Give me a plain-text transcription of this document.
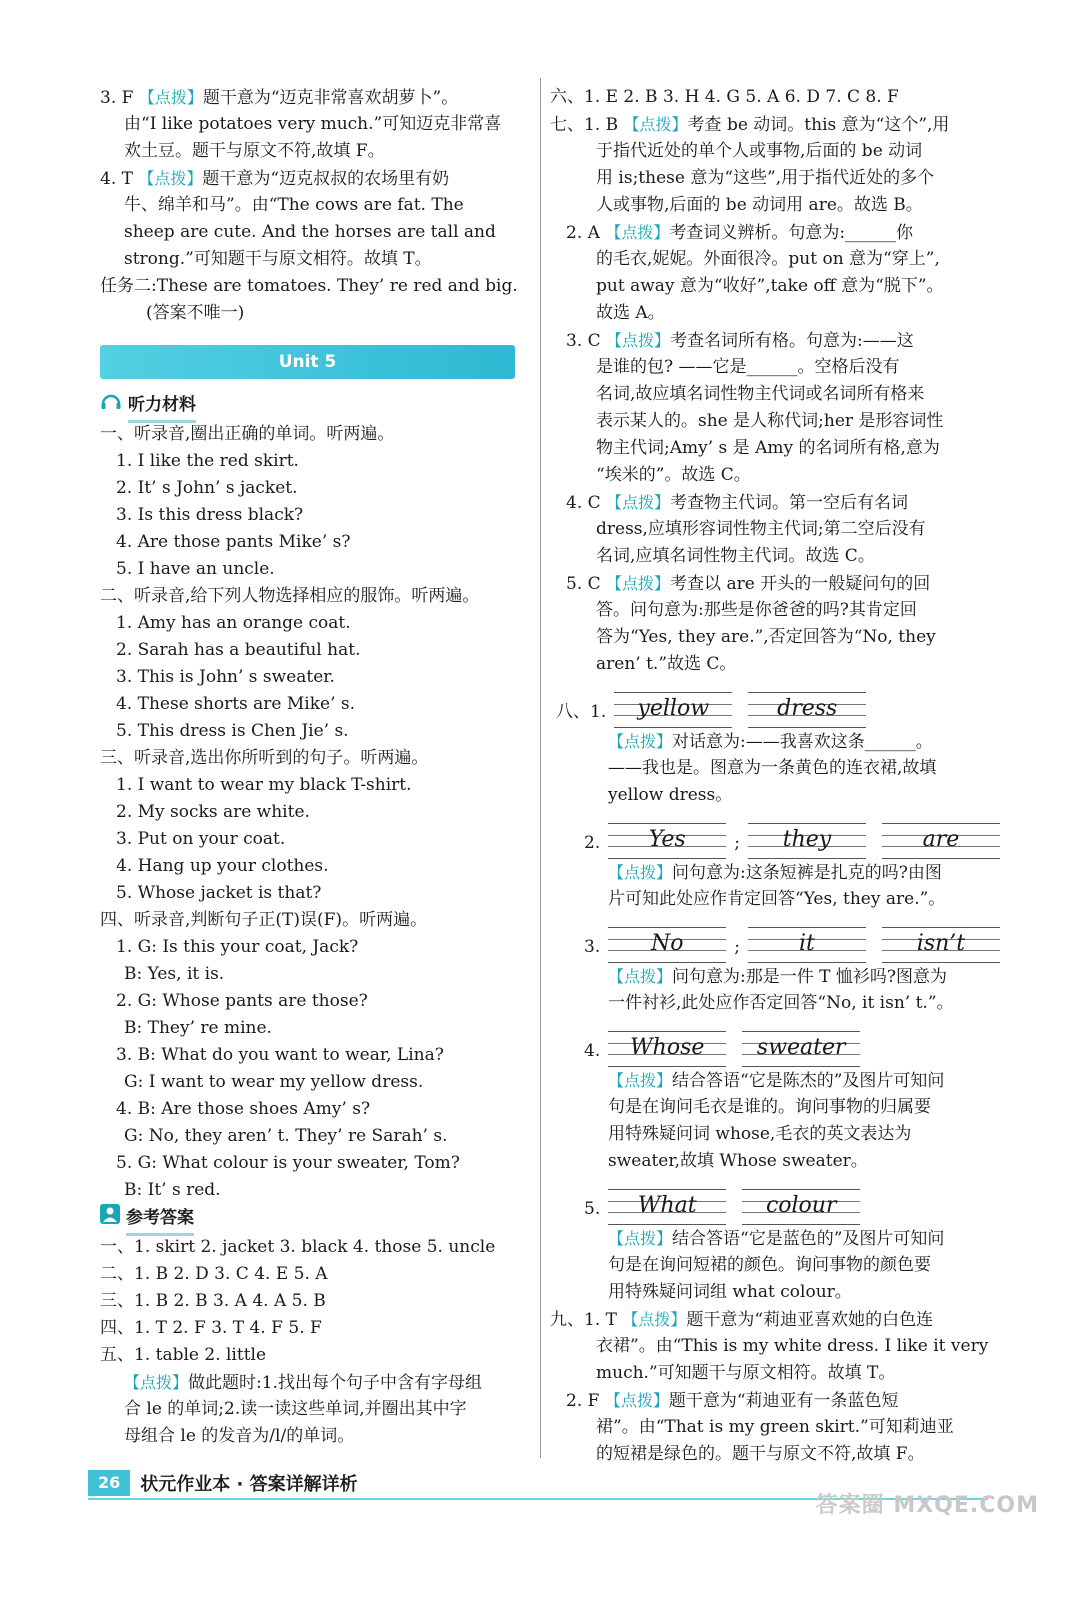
3. F 【点拨】题干意为“迈克非常喜欢胡萝卜”。
由“I like potatoes very much.”可知迈克非常喜
欢土豆。题干与原文不符,故填 F。
4. T 【点拨】题干意为“迈克叔叔的农场里有奶
牛、绵羊和马”。由“The cows are fat. The
sheep are cute. And the horses are tall and
strong.”可知题干与原文相符。故填 T。
任务二:These are tomatoes. They’ re red and big.
(答案不唯一)
Unit 5
听力材料
一、听录音,圈出正确的单词。听两遍。
1. I like the red skirt.
2. It’ s John’ s jacket.
3. Is this dress black?
4. Are those pants Mike’ s?
5. I have an uncle.
二、听录音,给下列人物选择相应的服饰。听两遍。
1. Amy has an orange coat.
2. Sarah has a beautiful hat.
3. This is John’ s sweater.
4. These shorts are Mike’ s.
5. This dress is Chen Jie’ s.
三、听录音,选出你所听到的句子。听两遍。
1. I want to wear my black T-shirt.
2. My socks are white.
3. Put on your coat.
4. Hang up your clothes.
5. Whose jacket is that?
四、听录音,判断句子正(T)误(F)。听两遍。
1. G: Is this your coat, Jack?
B: Yes, it is.
2. G: Whose pants are those?
B: They’ re mine.
3. B: What do you want to wear, Lina?
G: I want to wear my yellow dress.
4. B: Are those shoes Amy’ s?
G: No, they aren’ t. They’ re Sarah’ s.
5. G: What colour is your sweater, Tom?
B: It’ s red.
参考答案
一、1. skirt 2. jacket 3. black 4. those 5. uncle
二、1. B 2. D 3. C 4. E 5. A
三、1. B 2. B 3. A 4. A 5. B
四、1. T 2. F 3. T 4. F 5. F
五、1. table 2. little
【点拨】做此题时:1.找出每个句子中含有字母组
合 le 的单词;2.读一读这些单词,并圈出其中字
母组合 le 的发音为/l/的单词。
六、1. E 2. B 3. H 4. G 5. A 6. D 7. C 8. F
七、1. B 【点拨】考查 be 动词。this 意为“这个”,用
于指代近处的单个人或事物,后面的 be 动词
用 is;these 意为“这些”,用于指代近处的多个
人或事物,后面的 be 动词用 are。故选 B。
2. A 【点拨】考查词义辨析。句意为:______你
的毛衣,妮妮。外面很冷。put on 意为“穿上”,
put away 意为“收好”,take off 意为“脱下”。
故选 A。
3. C 【点拨】考查名词所有格。句意为:——这
是谁的包? ——它是______。空格后没有
名词,故应填名词性物主代词或名词所有格来
表示某人的。she 是人称代词;her 是形容词性
物主代词;Amy’ s 是 Amy 的名词所有格,意为
“埃米的”。故选 C。
4. C 【点拨】考查物主代词。第一空后有名词
dress,应填形容词性物主代词;第二空后没有
名词,应填名词性物主代词。故选 C。
5. C 【点拨】考查以 are 开头的一般疑问句的回
答。问句意为:那些是你爸爸的吗?其肯定回
答为“Yes, they are.”,否定回答为“No, they
aren’ t.”故选 C。
八、1.	yellow	dress
【点拨】对话意为:——我喜欢这条______。
——我也是。图意为一条黄色的连衣裙,故填
yellow dress。
2.	Yes	;	they	are
【点拨】问句意为:这条短裤是扎克的吗?由图
片可知此处应作肯定回答“Yes, they are.”。
3.	No	;	it	isn’t
【点拨】问句意为:那是一件 T 恤衫吗?图意为
一件衬衫,此处应作否定回答“No, it isn’ t.”。
4.	Whose	sweater
【点拨】结合答语“它是陈杰的”及图片可知问
句是在询问毛衣是谁的。询问事物的归属要
用特殊疑问词 whose,毛衣的英文表达为
sweater,故填 Whose sweater。
5.	What	colour
【点拨】结合答语“它是蓝色的”及图片可知问
句是在询问短裙的颜色。询问事物的颜色要
用特殊疑问词组 what colour。
九、1. T 【点拨】题干意为“莉迪亚喜欢她的白色连
衣裙”。由“This is my white dress. I like it very
much.”可知题干与原文相符。故填 T。
2. F 【点拨】题干意为“莉迪亚有一条蓝色短
裙”。由“That is my green skirt.”可知莉迪亚
的短裙是绿色的。题干与原文不符,故填 F。
26	状元作业本 · 答案详解详析
答案圈 MXQE.COM
